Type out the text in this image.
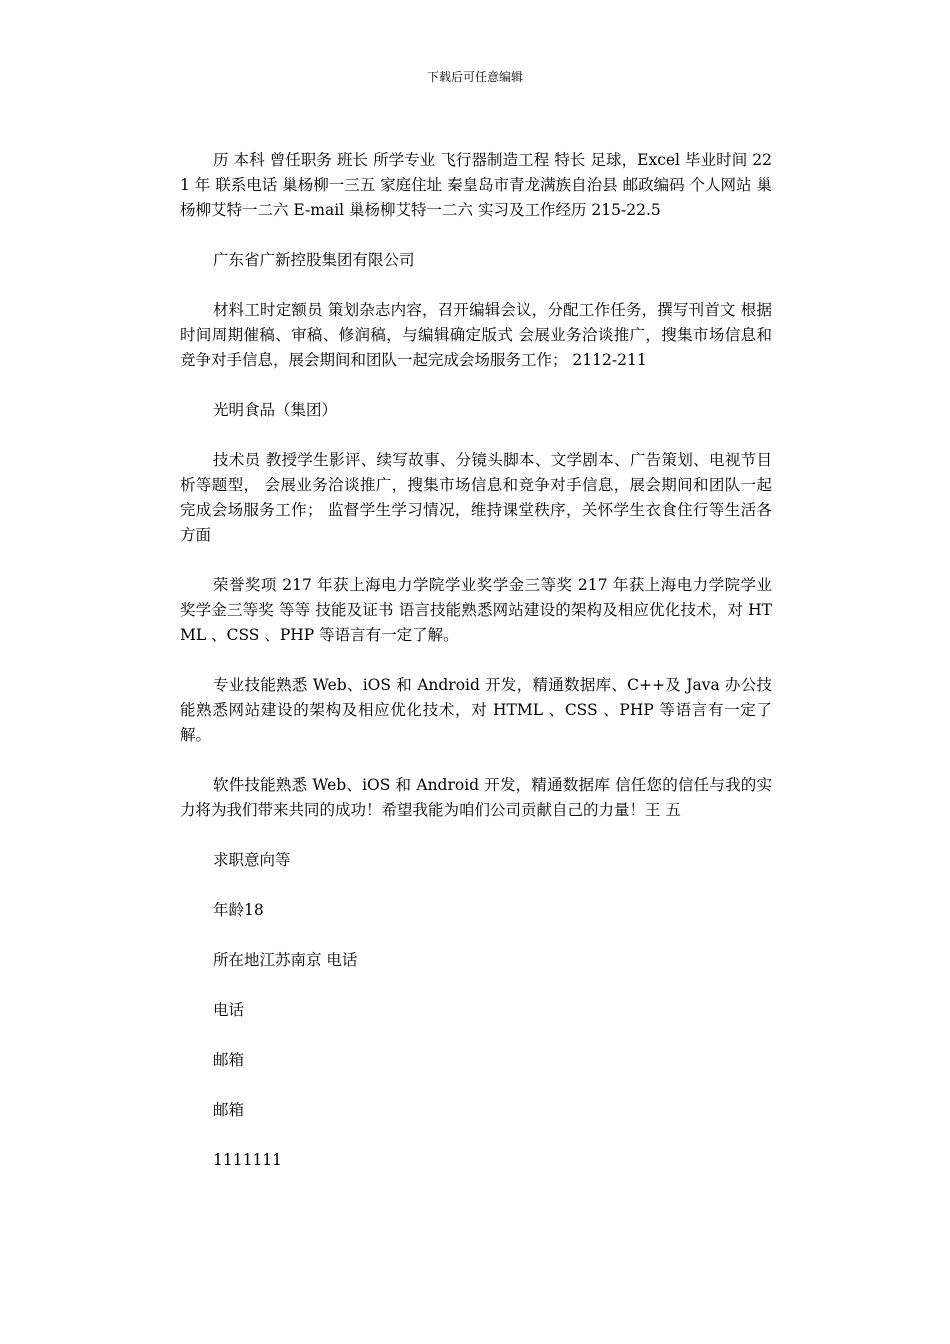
下载后可任意编辑

历 本科 曾任职务 班长 所学专业 飞行器制造工程 特长 足球，Excel 毕业时间 221 年 联系电话 巢杨柳一三五 家庭住址 秦皇岛市青龙满族自治县 邮政编码 个人网站 巢杨柳艾特一二六 E-mail 巢杨柳艾特一二六 实习及工作经历 215-22.5

广东省广新控股集团有限公司

材料工时定额员 策划杂志内容，召开编辑会议，分配工作任务，撰写刊首文 根据时间周期催稿、审稿、修润稿，与编辑确定版式 会展业务洽谈推广，搜集市场信息和竞争对手信息，展会期间和团队一起完成会场服务工作； 2112-211

光明食品（集团）

技术员 教授学生影评、续写故事、分镜头脚本、文学剧本、广告策划、电视节目析等题型， 会展业务洽谈推广，搜集市场信息和竞争对手信息，展会期间和团队一起完成会场服务工作； 监督学生学习情况，维持课堂秩序，关怀学生衣食住行等生活各方面

荣誉奖项 217 年获上海电力学院学业奖学金三等奖 217 年获上海电力学院学业奖学金三等奖 等等 技能及证书 语言技能熟悉网站建设的架构及相应优化技术，对 HTML 、CSS 、PHP 等语言有一定了解。

专业技能熟悉 Web、iOS 和 Android 开发，精通数据库、C++及 Java 办公技能熟悉网站建设的架构及相应优化技术，对 HTML 、CSS 、PHP 等语言有一定了解。

软件技能熟悉 Web、iOS 和 Android 开发，精通数据库 信任您的信任与我的实力将为我们带来共同的成功！希望我能为咱们公司贡献自己的力量！王 五

求职意向等

年龄18

所在地江苏南京 电话

电话

邮箱

邮箱

1111111
